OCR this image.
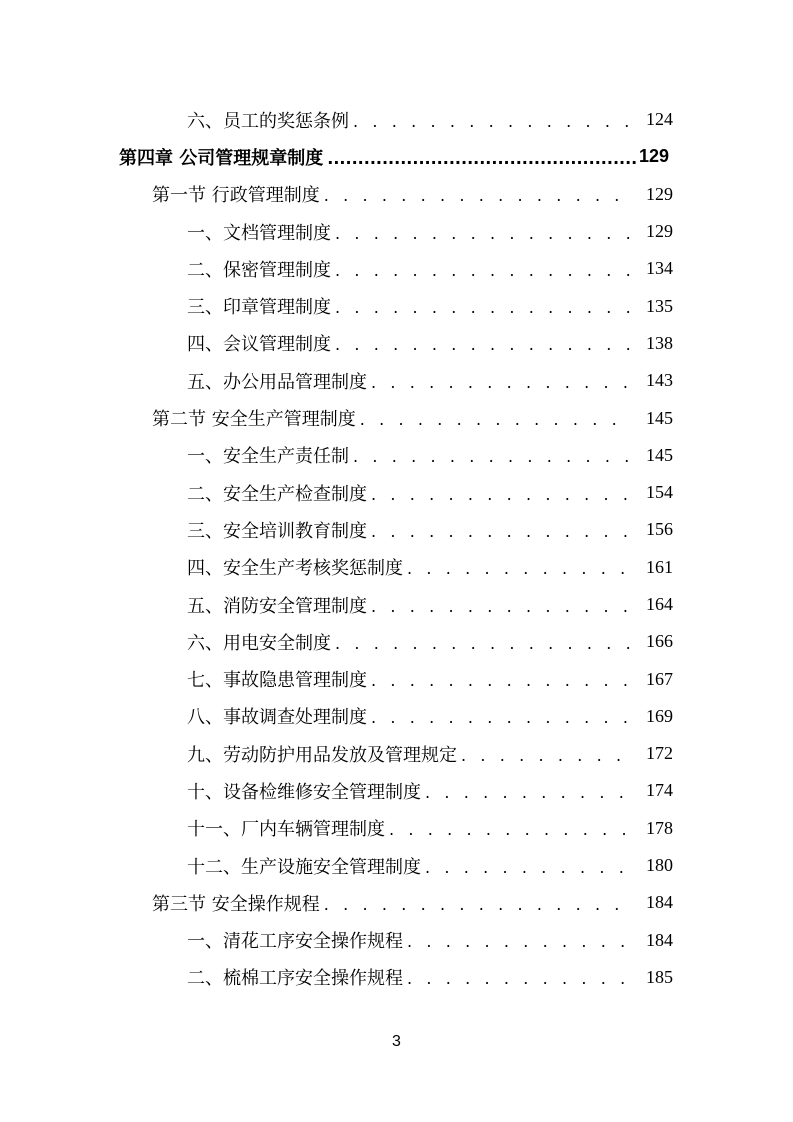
六、员工的奖惩条例 . . .	124
第四章 公司管理规章制度 .....	129
第一节 行政管理制度 . . .	129
一、文档管理制度 . . .	129
二、保密管理制度 . . .	134
三、印章管理制度 . . .	135
四、会议管理制度 . . .	138
五、办公用品管理制度 . . .	143
第二节 安全生产管理制度 . . .	145
一、安全生产责任制 . . .	145
二、安全生产检查制度 . . .	154
三、安全培训教育制度 . . .	156
四、安全生产考核奖惩制度 . . .	161
五、消防安全管理制度 . . .	164
六、用电安全制度 . . .	166
七、事故隐患管理制度 . . .	167
八、事故调查处理制度 . . .	169
九、劳动防护用品发放及管理规定 . . .	172
十、设备检维修安全管理制度 . . .	174
十一、厂内车辆管理制度 . . .	178
十二、生产设施安全管理制度 . . .	180
第三节 安全操作规程 . . .	184
一、清花工序安全操作规程 . . .	184
二、梳棉工序安全操作规程 . . .	185
3
